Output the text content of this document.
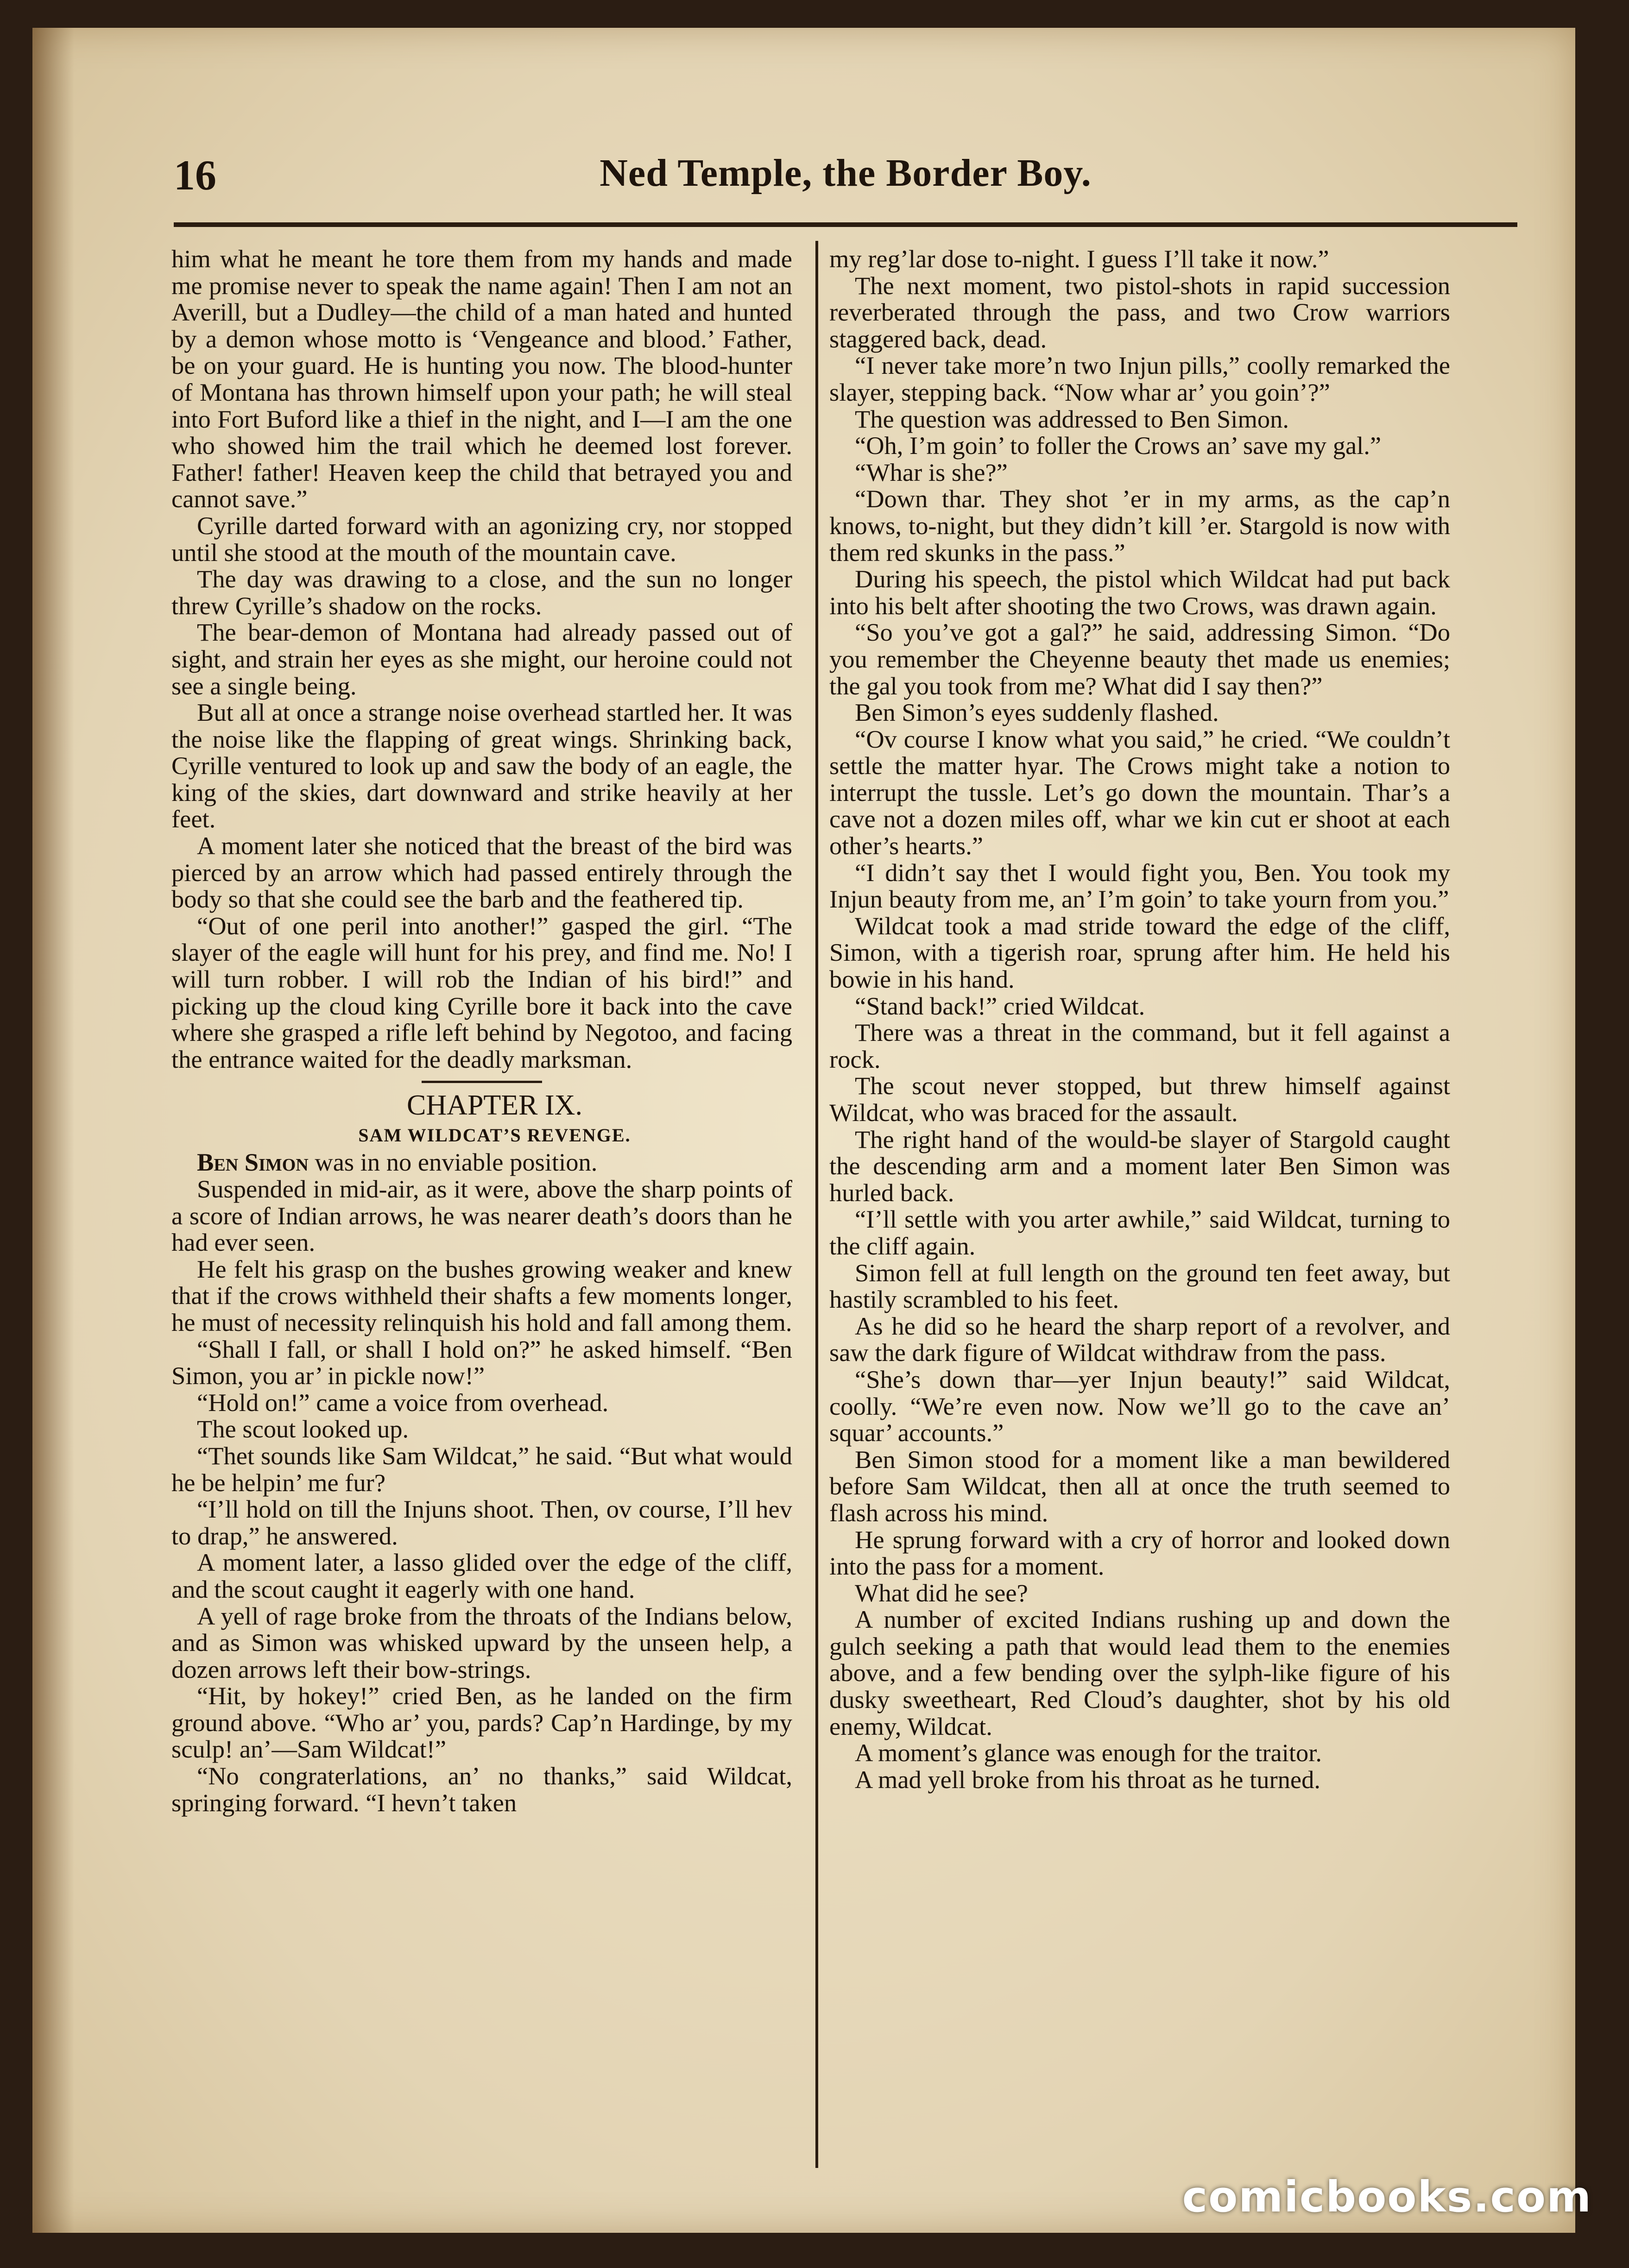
16	Ned Temple, the Border Boy.

him what he meant he tore them from my hands and made me promise never to speak the name again! Then I am not an Averill, but a Dudley—the child of a man hated and hunted by a demon whose motto is ‘Vengeance and blood.’ Father, be on your guard. He is hunting you now. The blood-hunter of Montana has thrown himself upon your path; he will steal into Fort Buford like a thief in the night, and I—I am the one who showed him the trail which he deemed lost forever. Father! father! Heaven keep the child that betrayed you and cannot save.”

Cyrille darted forward with an agonizing cry, nor stopped until she stood at the mouth of the mountain cave.

The day was drawing to a close, and the sun no longer threw Cyrille’s shadow on the rocks.

The bear-demon of Montana had already passed out of sight, and strain her eyes as she might, our heroine could not see a single being.

But all at once a strange noise overhead startled her. It was the noise like the flapping of great wings. Shrinking back, Cyrille ventured to look up and saw the body of an eagle, the king of the skies, dart downward and strike heavily at her feet.

A moment later she noticed that the breast of the bird was pierced by an arrow which had passed entirely through the body so that she could see the barb and the feathered tip.

“Out of one peril into another!” gasped the girl. “The slayer of the eagle will hunt for his prey, and find me. No! I will turn robber. I will rob the Indian of his bird!” and picking up the cloud king Cyrille bore it back into the cave where she grasped a rifle left behind by Negotoo, and facing the entrance waited for the deadly marksman.

CHAPTER IX.

SAM WILDCAT’S REVENGE.

Ben Simon was in no enviable position.

Suspended in mid-air, as it were, above the sharp points of a score of Indian arrows, he was nearer death’s doors than he had ever seen.

He felt his grasp on the bushes growing weaker and knew that if the crows withheld their shafts a few moments longer, he must of necessity relinquish his hold and fall among them.

“Shall I fall, or shall I hold on?” he asked himself. “Ben Simon, you ar’ in pickle now!”

“Hold on!” came a voice from overhead.

The scout looked up.

“Thet sounds like Sam Wildcat,” he said. “But what would he be helpin’ me fur?

“I’ll hold on till the Injuns shoot. Then, ov course, I’ll hev to drap,” he answered.

A moment later, a lasso glided over the edge of the cliff, and the scout caught it eagerly with one hand.

A yell of rage broke from the throats of the Indians below, and as Simon was whisked upward by the unseen help, a dozen arrows left their bow-strings.

“Hit, by hokey!” cried Ben, as he landed on the firm ground above. “Who ar’ you, pards? Cap’n Hardinge, by my sculp! an’—Sam Wildcat!”

“No congraterlations, an’ no thanks,” said Wildcat, springing forward. “I hevn’t taken

my reg’lar dose to-night. I guess I’ll take it now.”

The next moment, two pistol-shots in rapid succession reverberated through the pass, and two Crow warriors staggered back, dead.

“I never take more’n two Injun pills,” coolly remarked the slayer, stepping back. “Now whar ar’ you goin’?”

The question was addressed to Ben Simon.

“Oh, I’m goin’ to foller the Crows an’ save my gal.”

“Whar is she?”

“Down thar. They shot ’er in my arms, as the cap’n knows, to-night, but they didn’t kill ’er. Stargold is now with them red skunks in the pass.”

During his speech, the pistol which Wildcat had put back into his belt after shooting the two Crows, was drawn again.

“So you’ve got a gal?” he said, addressing Simon. “Do you remember the Cheyenne beauty thet made us enemies; the gal you took from me? What did I say then?”

Ben Simon’s eyes suddenly flashed.

“Ov course I know what you said,” he cried. “We couldn’t settle the matter hyar. The Crows might take a notion to interrupt the tussle. Let’s go down the mountain. Thar’s a cave not a dozen miles off, whar we kin cut er shoot at each other’s hearts.”

“I didn’t say thet I would fight you, Ben. You took my Injun beauty from me, an’ I’m goin’ to take yourn from you.”

Wildcat took a mad stride toward the edge of the cliff, Simon, with a tigerish roar, sprung after him. He held his bowie in his hand.

“Stand back!” cried Wildcat.

There was a threat in the command, but it fell against a rock.

The scout never stopped, but threw himself against Wildcat, who was braced for the assault.

The right hand of the would-be slayer of Stargold caught the descending arm and a moment later Ben Simon was hurled back.

“I’ll settle with you arter awhile,” said Wildcat, turning to the cliff again.

Simon fell at full length on the ground ten feet away, but hastily scrambled to his feet.

As he did so he heard the sharp report of a revolver, and saw the dark figure of Wildcat withdraw from the pass.

“She’s down thar—yer Injun beauty!” said Wildcat, coolly. “We’re even now. Now we’ll go to the cave an’ squar’ accounts.”

Ben Simon stood for a moment like a man bewildered before Sam Wildcat, then all at once the truth seemed to flash across his mind.

He sprung forward with a cry of horror and looked down into the pass for a moment.

What did he see?

A number of excited Indians rushing up and down the gulch seeking a path that would lead them to the enemies above, and a few bending over the sylph-like figure of his dusky sweetheart, Red Cloud’s daughter, shot by his old enemy, Wildcat.

A moment’s glance was enough for the traitor.

A mad yell broke from his throat as he turned.

comicbooks.com
